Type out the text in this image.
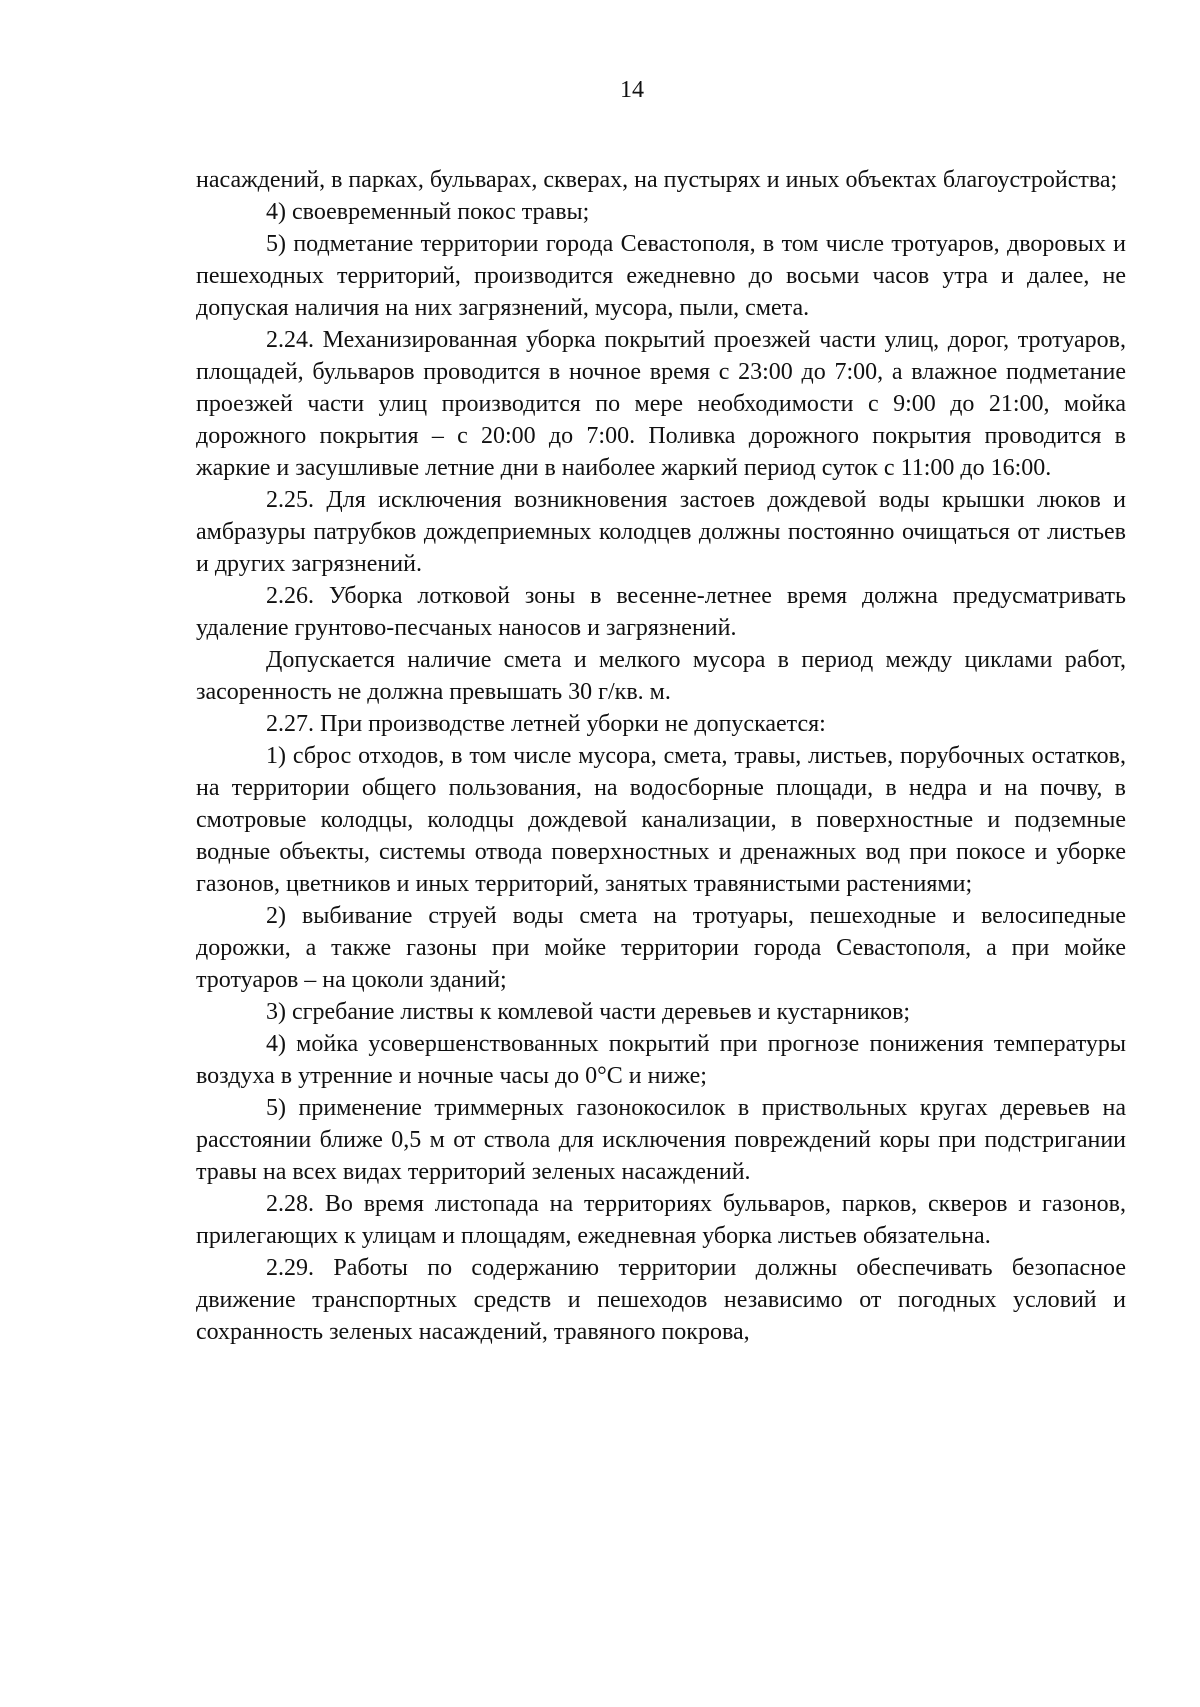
14

насаждений, в парках, бульварах, скверах, на пустырях и иных объектах благоустройства;

4) своевременный покос травы;

5) подметание территории города Севастополя, в том числе тротуаров, дворовых и пешеходных территорий, производится ежедневно до восьми часов утра и далее, не допуская наличия на них загрязнений, мусора, пыли, смета.

2.24. Механизированная уборка покрытий проезжей части улиц, дорог, тротуаров, площадей, бульваров проводится в ночное время с 23:00 до 7:00, а влажное подметание проезжей части улиц производится по мере необходимости с 9:00 до 21:00, мойка дорожного покрытия – с 20:00 до 7:00. Поливка дорожного покрытия проводится в жаркие и засушливые летние дни в наиболее жаркий период суток с 11:00 до 16:00.

2.25. Для исключения возникновения застоев дождевой воды крышки люков и амбразуры патрубков дождеприемных колодцев должны постоянно очищаться от листьев и других загрязнений.

2.26. Уборка лотковой зоны в весенне-летнее время должна предусматривать удаление грунтово-песчаных наносов и загрязнений.

Допускается наличие смета и мелкого мусора в период между циклами работ, засоренность не должна превышать 30 г/кв. м.

2.27. При производстве летней уборки не допускается:

1) сброс отходов, в том числе мусора, смета, травы, листьев, порубочных остатков, на территории общего пользования, на водосборные площади, в недра и на почву, в смотровые колодцы, колодцы дождевой канализации, в поверхностные и подземные водные объекты, системы отвода поверхностных и дренажных вод при покосе и уборке газонов, цветников и иных территорий, занятых травянистыми растениями;

2) выбивание струей воды смета на тротуары, пешеходные и велосипедные дорожки, а также газоны при мойке территории города Севастополя, а при мойке тротуаров – на цоколи зданий;

3) сгребание листвы к комлевой части деревьев и кустарников;

4) мойка усовершенствованных покрытий при прогнозе понижения температуры воздуха в утренние и ночные часы до 0°С и ниже;

5) применение триммерных газонокосилок в приствольных кругах деревьев на расстоянии ближе 0,5 м от ствола для исключения повреждений коры при подстригании травы на всех видах территорий зеленых насаждений.

2.28. Во время листопада на территориях бульваров, парков, скверов и газонов, прилегающих к улицам и площадям, ежедневная уборка листьев обязательна.

2.29. Работы по содержанию территории должны обеспечивать безопасное движение транспортных средств и пешеходов независимо от погодных условий и сохранность зеленых насаждений, травяного покрова,
